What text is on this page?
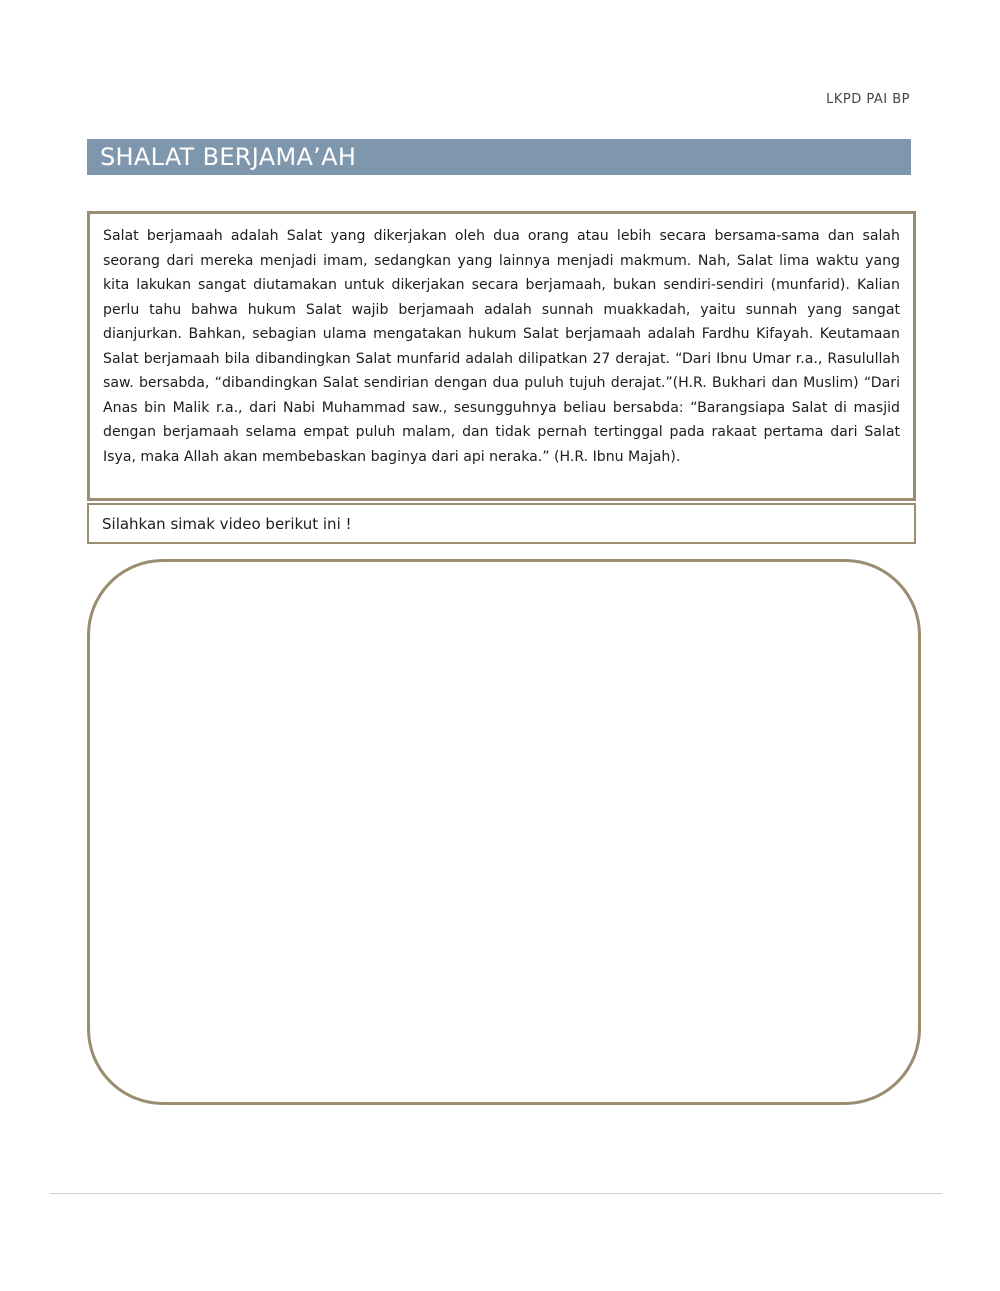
LKPD PAI BP
SHALAT BERJAMA’AH

Salat berjamaah adalah Salat yang dikerjakan oleh dua orang atau lebih secara bersama-sama dan salah seorang dari mereka menjadi imam, sedangkan yang lainnya menjadi makmum. Nah, Salat lima waktu yang kita lakukan sangat diutamakan untuk dikerjakan secara berjamaah, bukan sendiri-sendiri (munfarid). Kalian perlu tahu bahwa hukum Salat wajib berjamaah adalah sunnah muakkadah, yaitu sunnah yang sangat dianjurkan. Bahkan, sebagian ulama mengatakan hukum Salat berjamaah adalah Fardhu Kifayah. Keutamaan Salat berjamaah bila dibandingkan Salat munfarid adalah dilipatkan 27 derajat. “Dari Ibnu Umar r.a., Rasulullah saw. bersabda, “dibandingkan Salat sendirian dengan dua puluh tujuh derajat.”(H.R. Bukhari dan Muslim) “Dari Anas bin Malik r.a., dari Nabi Muhammad saw., sesungguhnya beliau bersabda: “Barangsiapa Salat di masjid dengan berjamaah selama empat puluh malam, dan tidak pernah tertinggal pada rakaat pertama dari Salat Isya, maka Allah akan membebaskan baginya dari api neraka.” (H.R. Ibnu Majah).

Silahkan simak video berikut ini !
